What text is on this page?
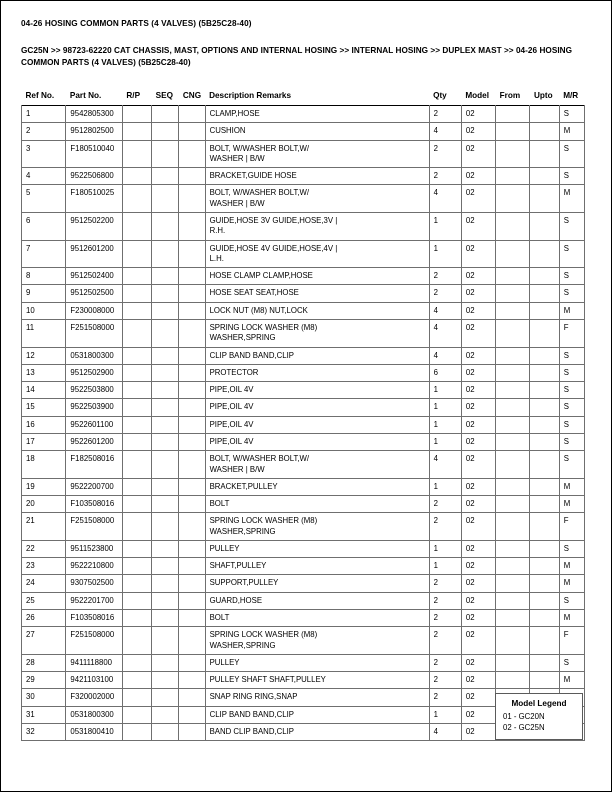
04-26 HOSING COMMON PARTS (4 VALVES) (5B25C28-40)
GC25N >> 98723-62220 CAT CHASSIS, MAST, OPTIONS AND INTERNAL HOSING >> INTERNAL HOSING >> DUPLEX MAST >> 04-26 HOSING COMMON PARTS (4 VALVES) (5B25C28-40)
Ref No.	Part No.	R/P	SEQ	CNG	Description Remarks	Qty	Model	From	Upto	M/R
1	9542805300				CLAMP,HOSE	2	02			S
2	9512802500				CUSHION	4	02			M
3	F180510040				BOLT, W/WASHER BOLT,W/
WASHER | B/W	2	02			S
4	9522506800				BRACKET,GUIDE HOSE	2	02			S
5	F180510025				BOLT, W/WASHER BOLT,W/
WASHER | B/W	4	02			M
6	9512502200				GUIDE,HOSE 3V GUIDE,HOSE,3V |
R.H.	1	02			S
7	9512601200				GUIDE,HOSE 4V GUIDE,HOSE,4V |
L.H.	1	02			S
8	9512502400				HOSE CLAMP CLAMP,HOSE	2	02			S
9	9512502500				HOSE SEAT SEAT,HOSE	2	02			S
10	F230008000				LOCK NUT (M8) NUT,LOCK	4	02			M
11	F251508000				SPRING LOCK WASHER (M8)
WASHER,SPRING	4	02			F
12	0531800300				CLIP BAND BAND,CLIP	4	02			S
13	9512502900				PROTECTOR	6	02			S
14	9522503800				PIPE,OIL 4V	1	02			S
15	9522503900				PIPE,OIL 4V	1	02			S
16	9522601100				PIPE,OIL 4V	1	02			S
17	9522601200				PIPE,OIL 4V	1	02			S
18	F182508016				BOLT, W/WASHER BOLT,W/
WASHER | B/W	4	02			S
19	9522200700				BRACKET,PULLEY	1	02			M
20	F103508016				BOLT	2	02			M
21	F251508000				SPRING LOCK WASHER (M8)
WASHER,SPRING	2	02			F
22	9511523800				PULLEY	1	02			S
23	9522210800				SHAFT,PULLEY	1	02			M
24	9307502500				SUPPORT,PULLEY	2	02			M
25	9522201700				GUARD,HOSE	2	02			S
26	F103508016				BOLT	2	02			M
27	F251508000				SPRING LOCK WASHER (M8)
WASHER,SPRING	2	02			F
28	9411118800				PULLEY	2	02			S
29	9421103100				PULLEY SHAFT SHAFT,PULLEY	2	02			M
30	F320002000				SNAP RING RING,SNAP	2	02			
31	0531800300				CLIP BAND BAND,CLIP	1	02			
32	0531800410				BAND CLIP BAND,CLIP	4	02			
Model Legend
01 - GC20N
02 - GC25N
